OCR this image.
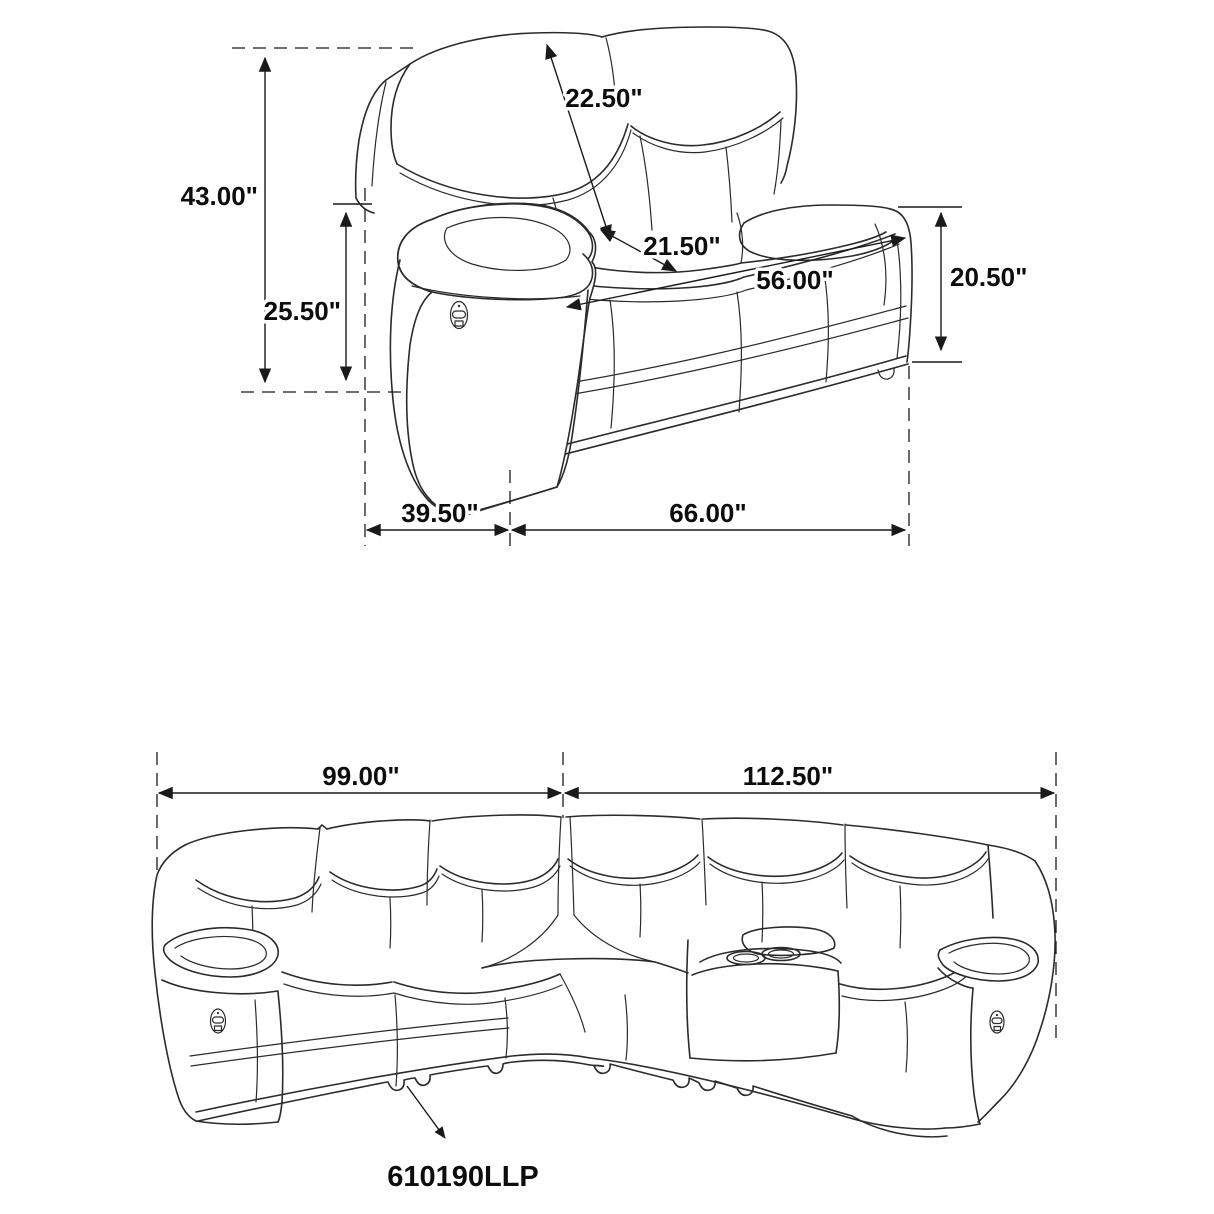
43.00"
25.50"
22.50"
21.50"
56.00"	20.50"
39.50"	66.00"
99.00"	112.50"
610190LLP
